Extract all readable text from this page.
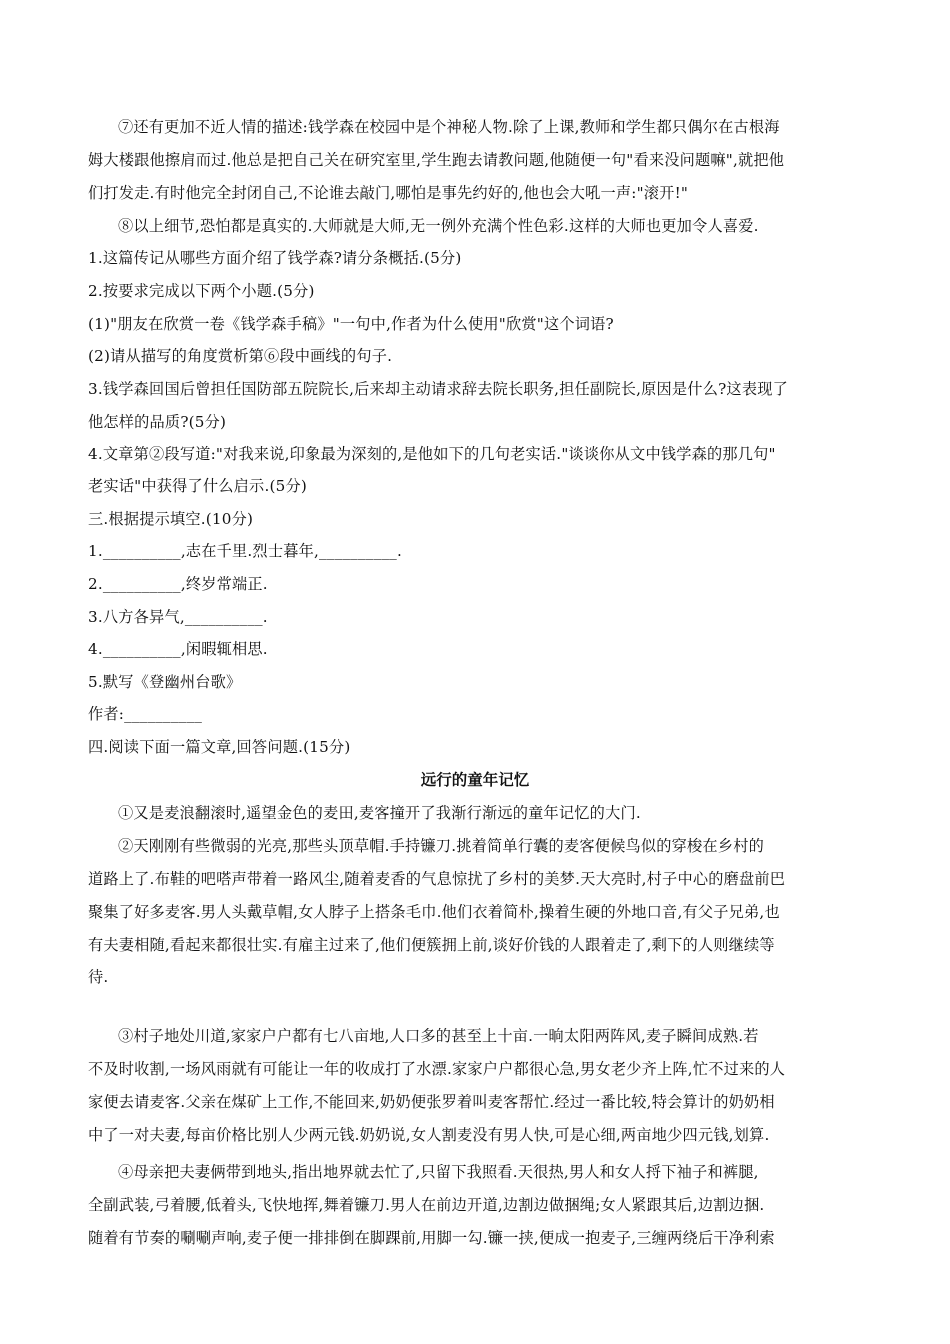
⑦还有更加不近人情的描述:钱学森在校园中是个神秘人物.除了上课,教师和学生都只偶尔在古根海
姆大楼跟他擦肩而过.他总是把自己关在研究室里,学生跑去请教问题,他随便一句"看来没问题嘛",就把他
们打发走.有时他完全封闭自己,不论谁去敲门,哪怕是事先约好的,他也会大吼一声:"滚开!"
⑧以上细节,恐怕都是真实的.大师就是大师,无一例外充满个性色彩.这样的大师也更加令人喜爱.
1.这篇传记从哪些方面介绍了钱学森?请分条概括.(5分)
2.按要求完成以下两个小题.(5分)
(1)"朋友在欣赏一卷《钱学森手稿》"一句中,作者为什么使用"欣赏"这个词语?
(2)请从描写的角度赏析第⑥段中画线的句子.
3.钱学森回国后曾担任国防部五院院长,后来却主动请求辞去院长职务,担任副院长,原因是什么?这表现了
他怎样的品质?(5分)
4.文章第②段写道:"对我来说,印象最为深刻的,是他如下的几句老实话."谈谈你从文中钱学森的那几句"
老实话"中获得了什么启示.(5分)
三.根据提示填空.(10分)
1.__________,志在千里.烈士暮年,__________.
2.__________,终岁常端正.
3.八方各异气,__________.
4.__________,闲暇辄相思.
5.默写《登幽州台歌》
作者:__________
四.阅读下面一篇文章,回答问题.(15分)
远行的童年记忆
①又是麦浪翻滚时,遥望金色的麦田,麦客撞开了我渐行渐远的童年记忆的大门.
②天刚刚有些微弱的光亮,那些头顶草帽.手持镰刀.挑着简单行囊的麦客便候鸟似的穿梭在乡村的
道路上了.布鞋的吧嗒声带着一路风尘,随着麦香的气息惊扰了乡村的美梦.天大亮时,村子中心的磨盘前巴
聚集了好多麦客.男人头戴草帽,女人脖子上搭条毛巾.他们衣着简朴,操着生硬的外地口音,有父子兄弟,也
有夫妻相随,看起来都很壮实.有雇主过来了,他们便簇拥上前,谈好价钱的人跟着走了,剩下的人则继续等
待.
③村子地处川道,家家户户都有七八亩地,人口多的甚至上十亩.一晌太阳两阵风,麦子瞬间成熟.若
不及时收割,一场风雨就有可能让一年的收成打了水漂.家家户户都很心急,男女老少齐上阵,忙不过来的人
家便去请麦客.父亲在煤矿上工作,不能回来,奶奶便张罗着叫麦客帮忙.经过一番比较,特会算计的奶奶相
中了一对夫妻,每亩价格比别人少两元钱.奶奶说,女人割麦没有男人快,可是心细,两亩地少四元钱,划算.
④母亲把夫妻俩带到地头,指出地界就去忙了,只留下我照看.天很热,男人和女人捋下袖子和裤腿,
全副武装,弓着腰,低着头,飞快地挥,舞着镰刀.男人在前边开道,边割边做捆绳;女人紧跟其后,边割边捆.
随着有节奏的唰唰声响,麦子便一排排倒在脚踝前,用脚一勾.镰一挟,便成一抱麦子,三缠两绕后干净利索
